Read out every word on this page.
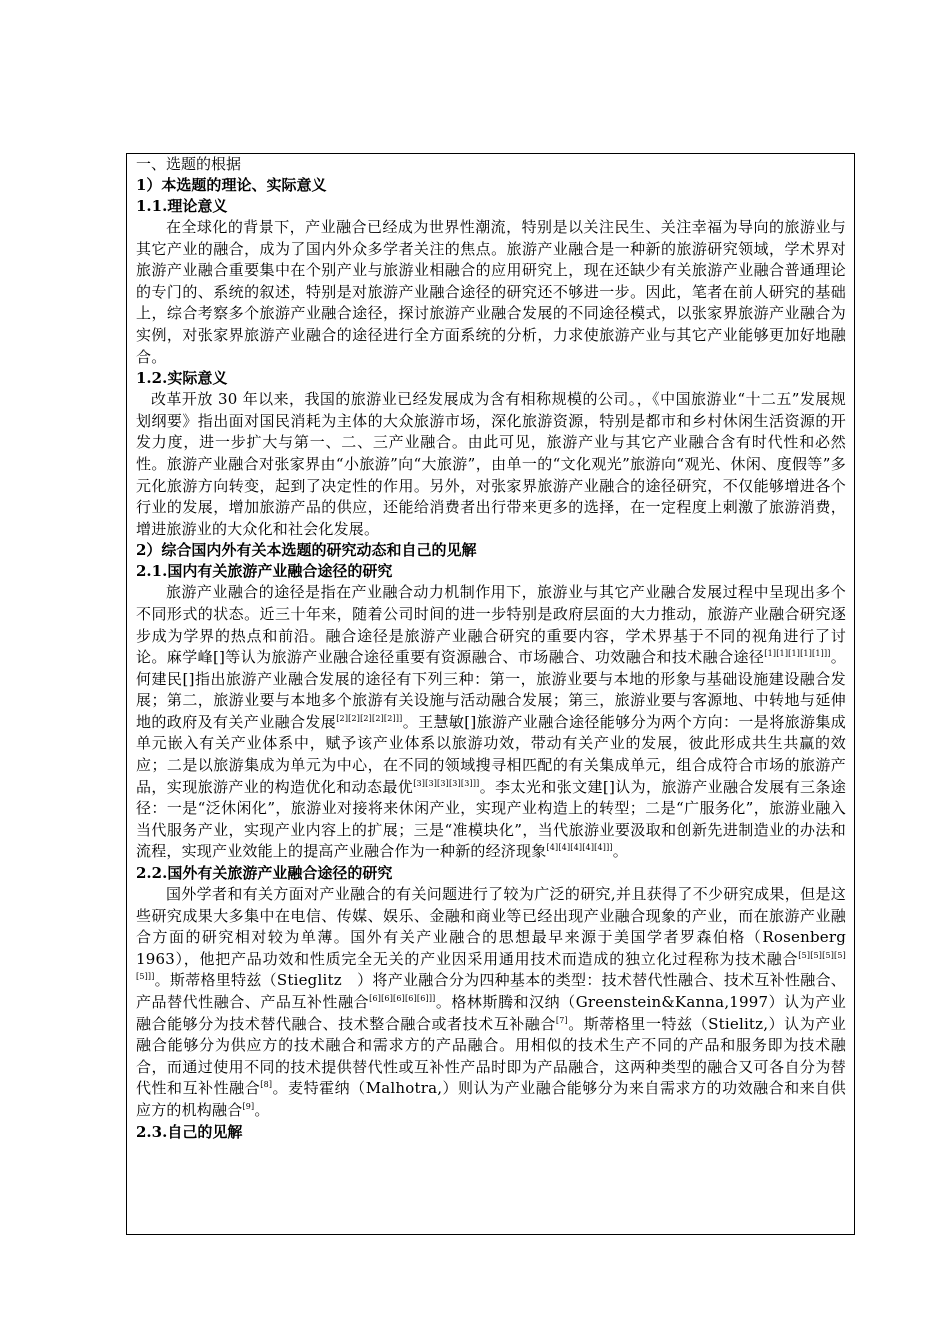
一、选题的根据

1）本选题的理论、实际意义

1.1.理论意义

在全球化的背景下，产业融合已经成为世界性潮流，特别是以关注民生、关注幸福为导向的旅游业与其它产业的融合，成为了国内外众多学者关注的焦点。旅游产业融合是一种新的旅游研究领域，学术界对旅游产业融合重要集中在个别产业与旅游业相融合的应用研究上，现在还缺少有关旅游产业融合普通理论的专门的、系统的叙述，特别是对旅游产业融合途径的研究还不够进一步。因此，笔者在前人研究的基础上，综合考察多个旅游产业融合途径，探讨旅游产业融合发展的不同途径模式，以张家界旅游产业融合为实例，对张家界旅游产业融合的途径进行全方面系统的分析，力求使旅游产业与其它产业能够更加好地融合。

1.2.实际意义

改革开放 30 年以来，我国的旅游业已经发展成为含有相称规模的公司。，《中国旅游业“十二五”发展规划纲要》指出面对国民消耗为主体的大众旅游市场，深化旅游资源，特别是都市和乡村休闲生活资源的开发力度，进一步扩大与第一、二、三产业融合。由此可见，旅游产业与其它产业融合含有时代性和必然性。旅游产业融合对张家界由“小旅游”向“大旅游”，由单一的“文化观光”旅游向“观光、休闲、度假等”多元化旅游方向转变，起到了决定性的作用。另外，对张家界旅游产业融合的途径研究，不仅能够增进各个行业的发展，增加旅游产品的供应，还能给消费者出行带来更多的选择，在一定程度上刺激了旅游消费，增进旅游业的大众化和社会化发展。

2）综合国内外有关本选题的研究动态和自己的见解

2.1.国内有关旅游产业融合途径的研究

旅游产业融合的途径是指在产业融合动力机制作用下，旅游业与其它产业融合发展过程中呈现出多个不同形式的状态。近三十年来，随着公司时间的进一步特别是政府层面的大力推动，旅游产业融合研究逐步成为学界的热点和前沿。融合途径是旅游产业融合研究的重要内容，学术界基于不同的视角进行了讨论。麻学峰[]等认为旅游产业融合途径重要有资源融合、市场融合、功效融合和技术融合途径[1][1][1][1][1]]]。何建民[]指出旅游产业融合发展的途径有下列三种：第一，旅游业要与本地的形象与基础设施建设融合发展；第二，旅游业要与本地多个旅游有关设施与活动融合发展；第三，旅游业要与客源地、中转地与延伸地的政府及有关产业融合发展[2][2][2][2][2]]]。王慧敏[]旅游产业融合途径能够分为两个方向：一是将旅游集成单元嵌入有关产业体系中，赋予该产业体系以旅游功效，带动有关产业的发展，彼此形成共生共赢的效应；二是以旅游集成为单元为中心，在不同的领域搜寻相匹配的有关集成单元，组合成符合市场的旅游产品，实现旅游产业的构造优化和动态最优[3][3][3][3][3]]]。李太光和张文建[]认为，旅游产业融合发展有三条途径：一是“泛休闲化”，旅游业对接将来休闲产业，实现产业构造上的转型；二是“广服务化”，旅游业融入当代服务产业，实现产业内容上的扩展；三是“准模块化”，当代旅游业要汲取和创新先进制造业的办法和流程，实现产业效能上的提高产业融合作为一种新的经济现象[4][4][4][4][4]]]。

2.2.国外有关旅游产业融合途径的研究

国外学者和有关方面对产业融合的有关问题进行了较为广泛的研究,并且获得了不少研究成果，但是这些研究成果大多集中在电信、传媒、娱乐、金融和商业等已经出现产业融合现象的产业，而在旅游产业融合方面的研究相对较为单薄。国外有关产业融合的思想最早来源于美国学者罗森伯格（Rosenberg 1963），他把产品功效和性质完全无关的产业因采用通用技术而造成的独立化过程称为技术融合[5][5][5][5][5]]]。斯蒂格里特兹（Stieglitz　）将产业融合分为四种基本的类型：技术替代性融合、技术互补性融合、产品替代性融合、产品互补性融合[6][6][6][6][6]]]。格林斯腾和汉纳（Greenstein&Kanna,1997）认为产业融合能够分为技术替代融合、技术整合融合或者技术互补融合[7]。斯蒂格里一特兹（Stielitz,）认为产业融合能够分为供应方的技术融合和需求方的产品融合。用相似的技术生产不同的产品和服务即为技术融合，而通过使用不同的技术提供替代性或互补性产品时即为产品融合，这两种类型的融合又可各自分为替代性和互补性融合[8]。麦特霍纳（Malhotra,）则认为产业融合能够分为来自需求方的功效融合和来自供应方的机构融合[9]。

2.3.自己的见解
